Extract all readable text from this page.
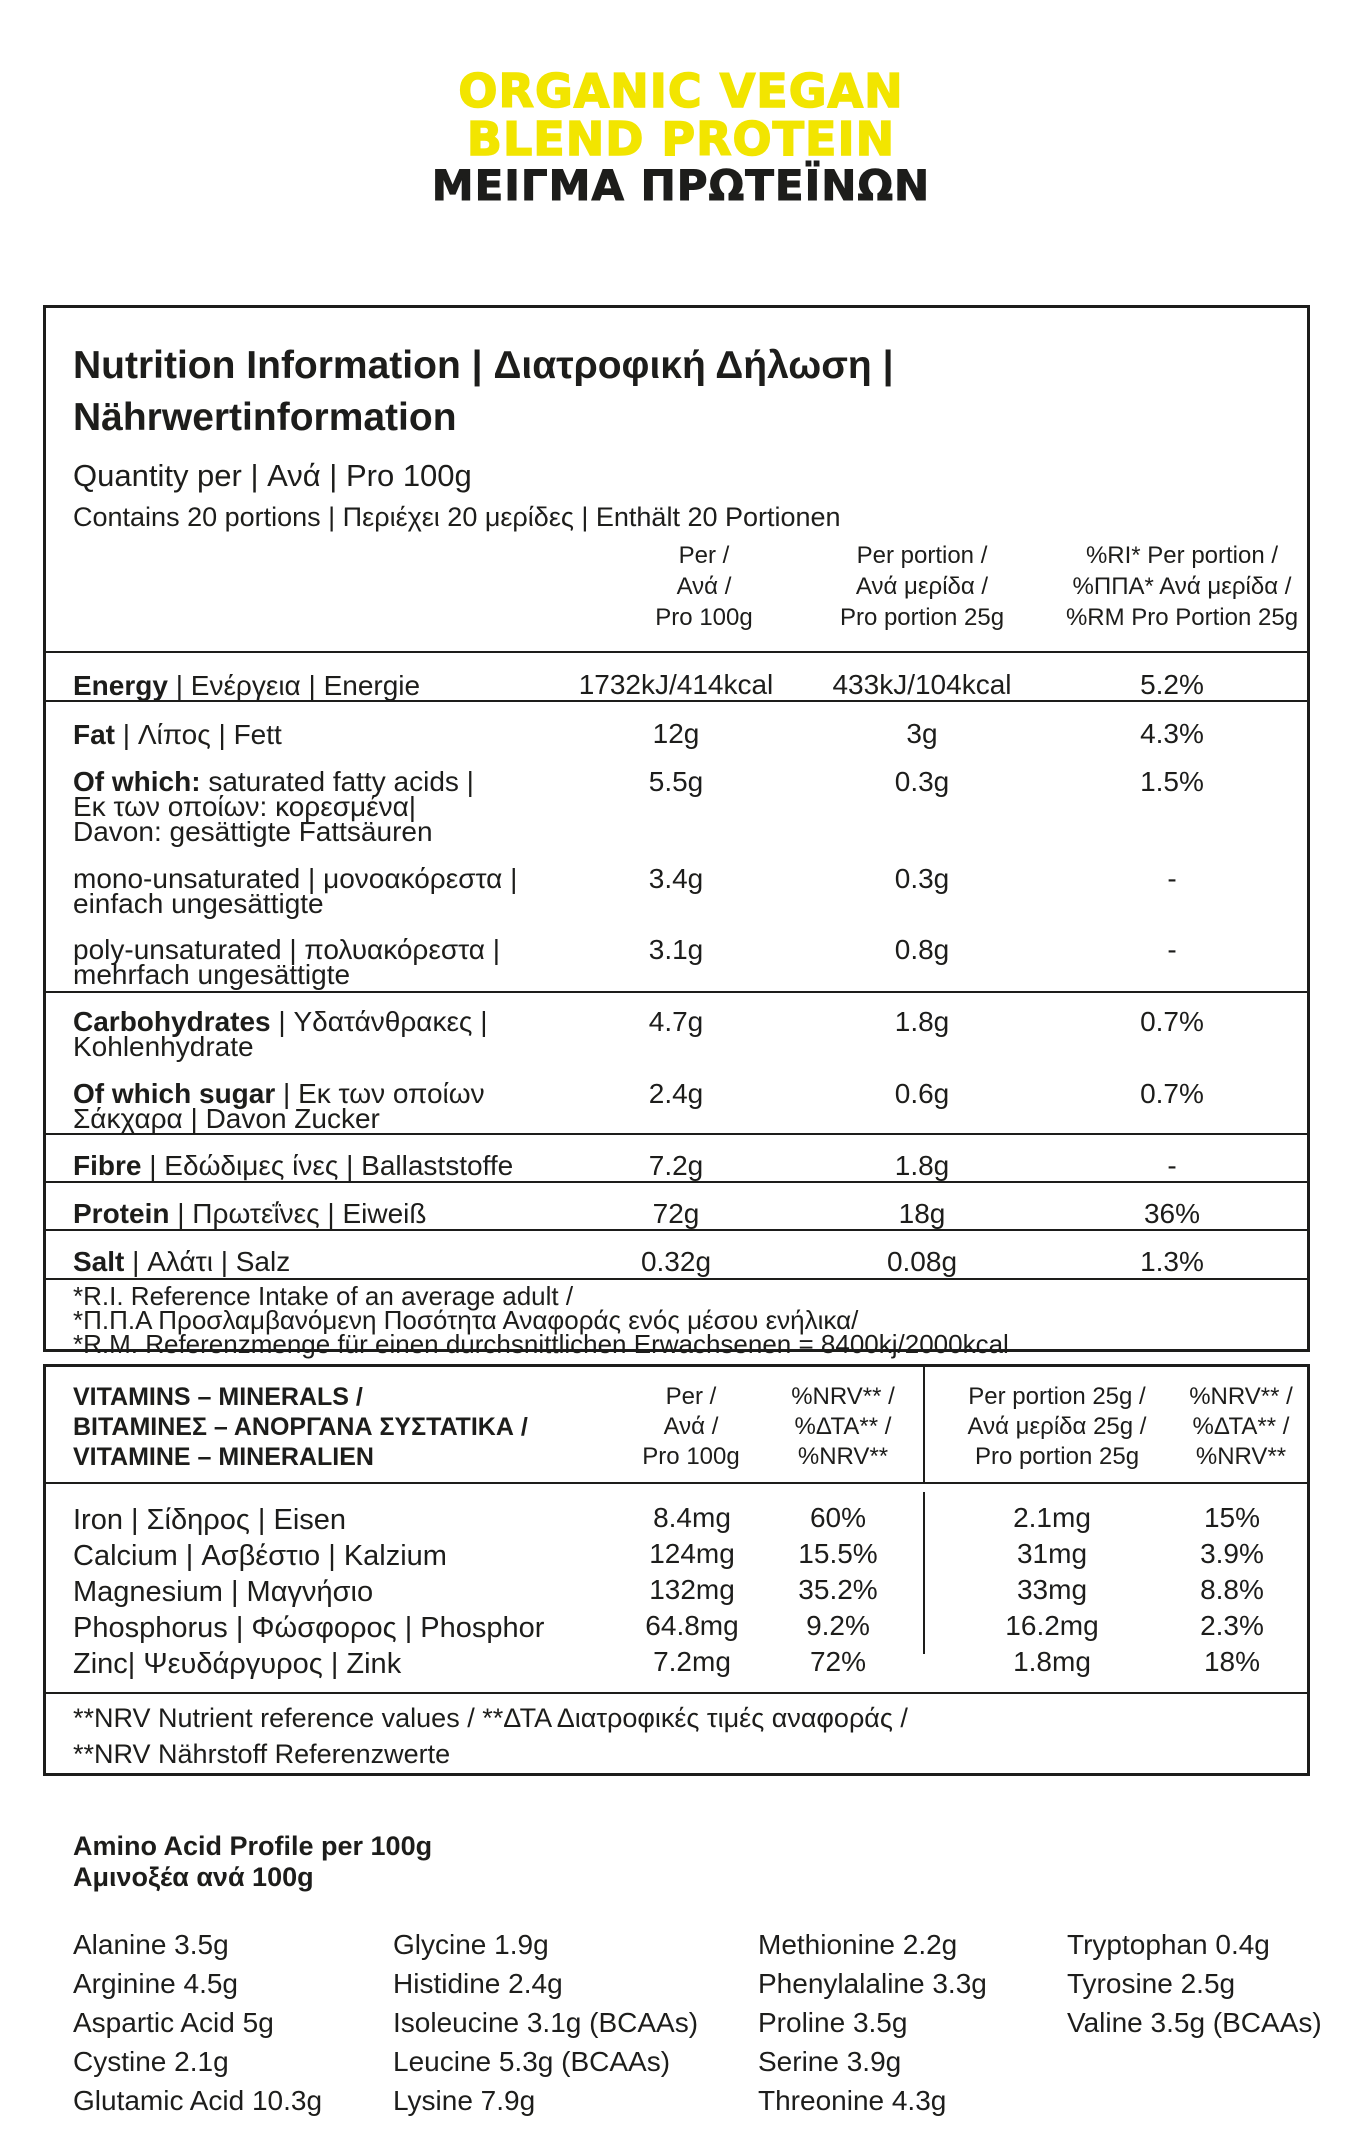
ORGANIC VEGAN
BLEND PROTEIN
ΜΕΙΓΜΑ ΠΡΩΤΕΪΝΩΝ
Nutrition Information | Διατροφική Δήλωση |
Nährwertinformation
Quantity per | Ανά | Pro 100g
Contains 20 portions | Περιέχει 20 μερίδες | Enthält 20 Portionen
Per /
Ανά /
Pro 100g
Per portion /
Ανά μερίδα /
Pro portion 25g
%RI* Per portion /
%ΠΠΑ* Ανά μερίδα /
%RM Pro Portion 25g
Energy | Ενέργεια | Energie	1732kJ/414kcal	433kJ/104kcal	5.2%
Fat | Λίπος | Fett	12g	3g	4.3%
Of which: saturated fatty acids |
Εκ των οποίων: κορεσμένα|
Davon: gesättigte Fattsäuren
5.5g	0.3g	1.5%
mono-unsaturated | μονοακόρεστα |
einfach ungesättigte
3.4g	0.3g	-
poly-unsaturated | πολυακόρεστα |
mehrfach ungesättigte
3.1g	0.8g	-
Carbohydrates | Υδατάνθρακες |
Kohlenhydrate
4.7g	1.8g	0.7%
Of which sugar | Εκ των οποίων
Σάκχαρα | Davon Zucker
2.4g	0.6g	0.7%
Fibre | Εδώδιμες ίνες | Ballaststoffe	7.2g	1.8g	-
Protein | Πρωτεΐνες | Eiweiß	72g	18g	36%
Salt | Αλάτι | Salz	0.32g	0.08g	1.3%
*R.I. Reference Intake of an average adult /
*Π.Π.Α Προσλαμβανόμενη Ποσότητα Αναφοράς ενός μέσου ενήλικα/
*R.M. Referenzmenge für einen durchsnittlichen Erwachsenen = 8400kj/2000kcal
VITAMINS – MINERALS /
ΒΙΤΑΜΙΝΕΣ – ΑΝΟΡΓΑΝΑ ΣΥΣΤΑΤΙΚΑ /
VITAMINE – MINERALIEN
Per /
Ανά /
Pro 100g
%NRV** /
%ΔΤΑ** /
%NRV**
Per portion 25g /
Ανά μερίδα 25g /
Pro portion 25g
%NRV** /
%ΔΤΑ** /
%NRV**
Iron | Σίδηρος | Eisen	8.4mg	60%	2.1mg	15%
Calcium | Ασβέστιο | Kalzium	124mg	15.5%	31mg	3.9%
Magnesium | Μαγνήσιο	132mg	35.2%	33mg	8.8%
Phosphorus | Φώσφορος | Phosphor	64.8mg	9.2%	16.2mg	2.3%
Zinc| Ψευδάργυρος | Zink	7.2mg	72%	1.8mg	18%
**NRV Nutrient reference values / **ΔΤΑ Διατροφικές τιμές αναφοράς /
**NRV Nährstoff Referenzwerte
Amino Acid Profile per 100g
Αμινοξέα ανά 100g
Alanine 3.5g
Arginine 4.5g
Aspartic Acid 5g
Cystine 2.1g
Glutamic Acid 10.3g
Glycine 1.9g
Histidine 2.4g
Isoleucine 3.1g (BCAAs)
Leucine 5.3g (BCAAs)
Lysine 7.9g
Methionine 2.2g
Phenylalaline 3.3g
Proline 3.5g
Serine 3.9g
Threonine 4.3g
Tryptophan 0.4g
Tyrosine 2.5g
Valine 3.5g (BCAAs)
